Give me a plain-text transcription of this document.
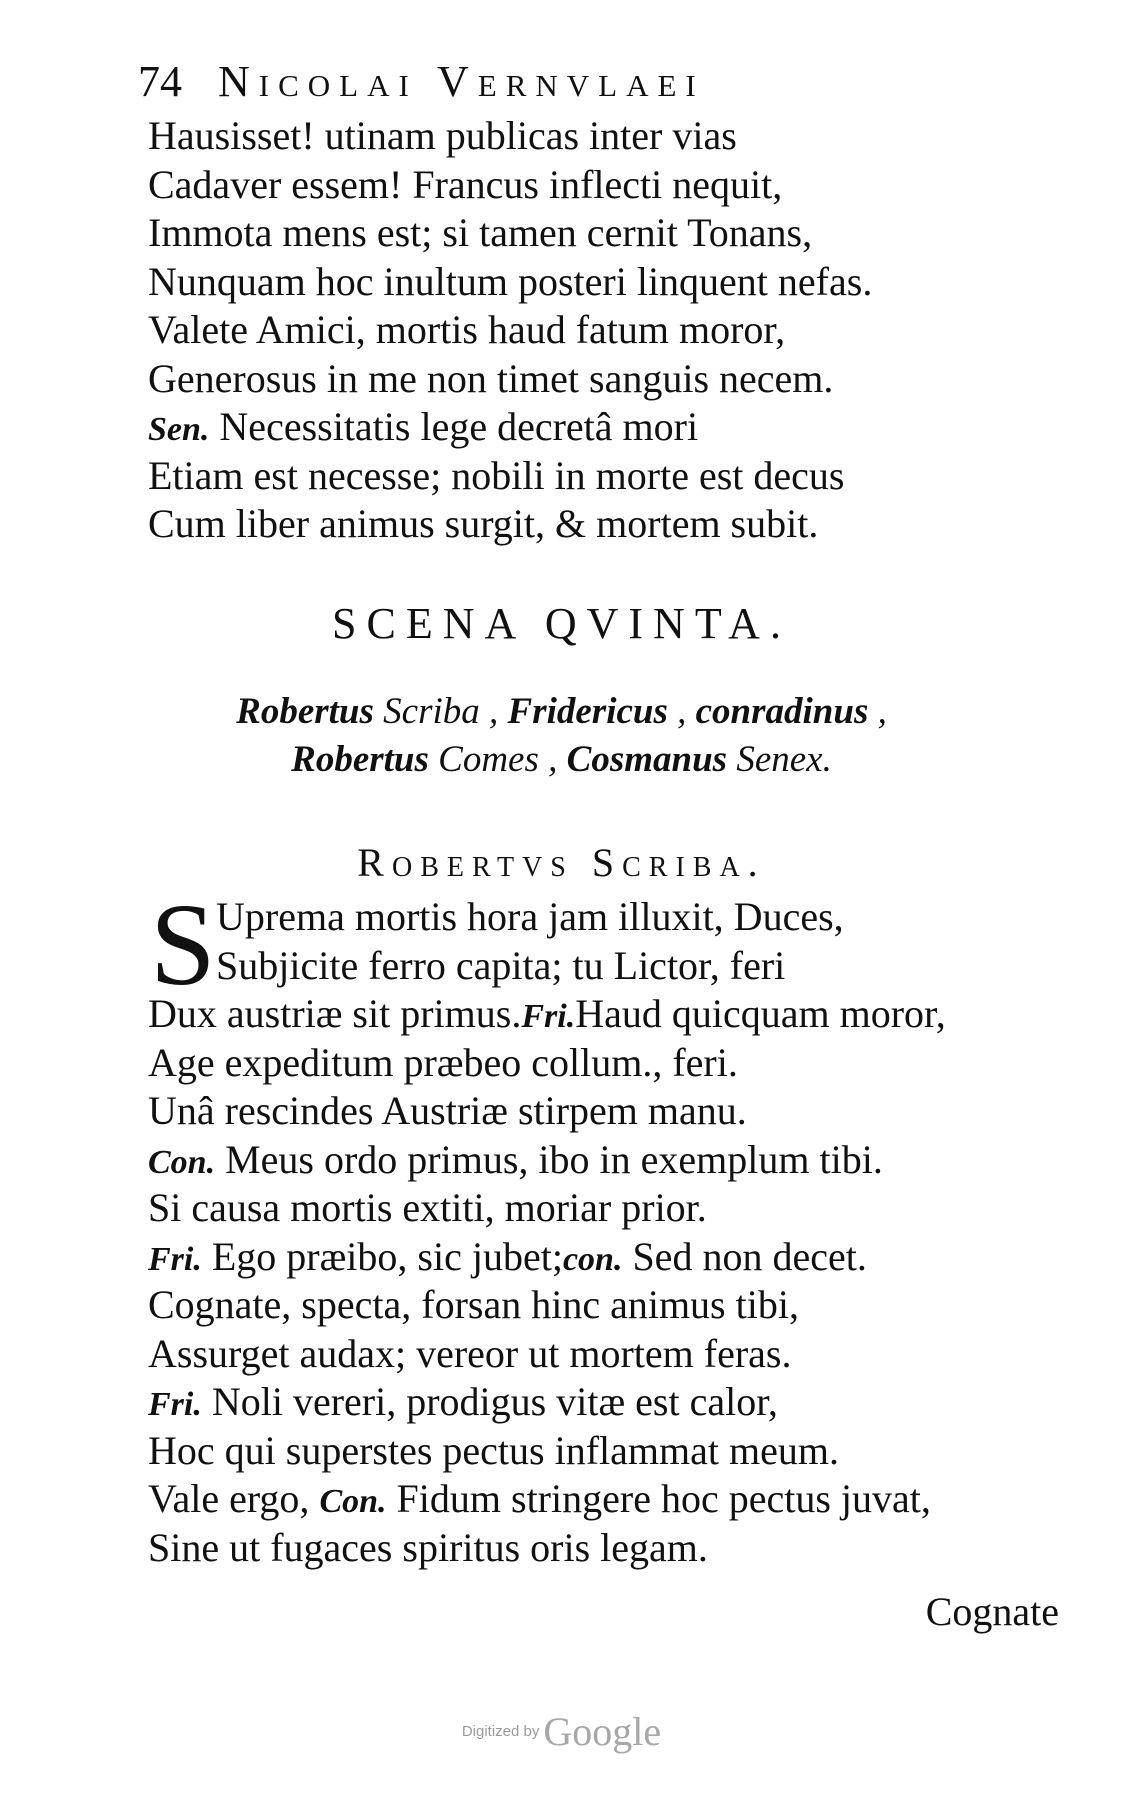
74 Nicolai Vernvlaei
Hausisset! utinam publicas inter vias
Cadaver essem! Francus inflecti nequit,
Immota mens est; si tamen cernit Tonans,
Nunquam hoc inultum posteri linquent nefas.
Valete Amici, mortis haud fatum moror,
Generosus in me non timet sanguis necem.
Sen. Necessitatis lege decretâ mori
Etiam est necesse; nobili in morte est decus
Cum liber animus surgit, & mortem subit.
SCENA QVINTA.
Robertus Scriba , Fridericus , conradinus ,
Robertus Comes , Cosmanus Senex.
Robertvs Scriba.
S Uprema mortis hora jam illuxit, Duces,
Subjicite ferro capita; tu Lictor, feri
Dux austriæ sit primus.Fri.Haud quicquam moror,
Age expeditum præbeo collum., feri.
Unâ rescindes Austriæ stirpem manu.
Con. Meus ordo primus, ibo in exemplum tibi.
Si causa mortis extiti, moriar prior.
Fri. Ego præibo, sic jubet;con. Sed non decet.
Cognate, specta, forsan hinc animus tibi,
Assurget audax; vereor ut mortem feras.
Fri. Noli vereri, prodigus vitæ est calor,
Hoc qui superstes pectus inflammat meum.
Vale ergo, Con. Fidum stringere hoc pectus juvat,
Sine ut fugaces spiritus oris legam.
Cognate
Digitized by Google
